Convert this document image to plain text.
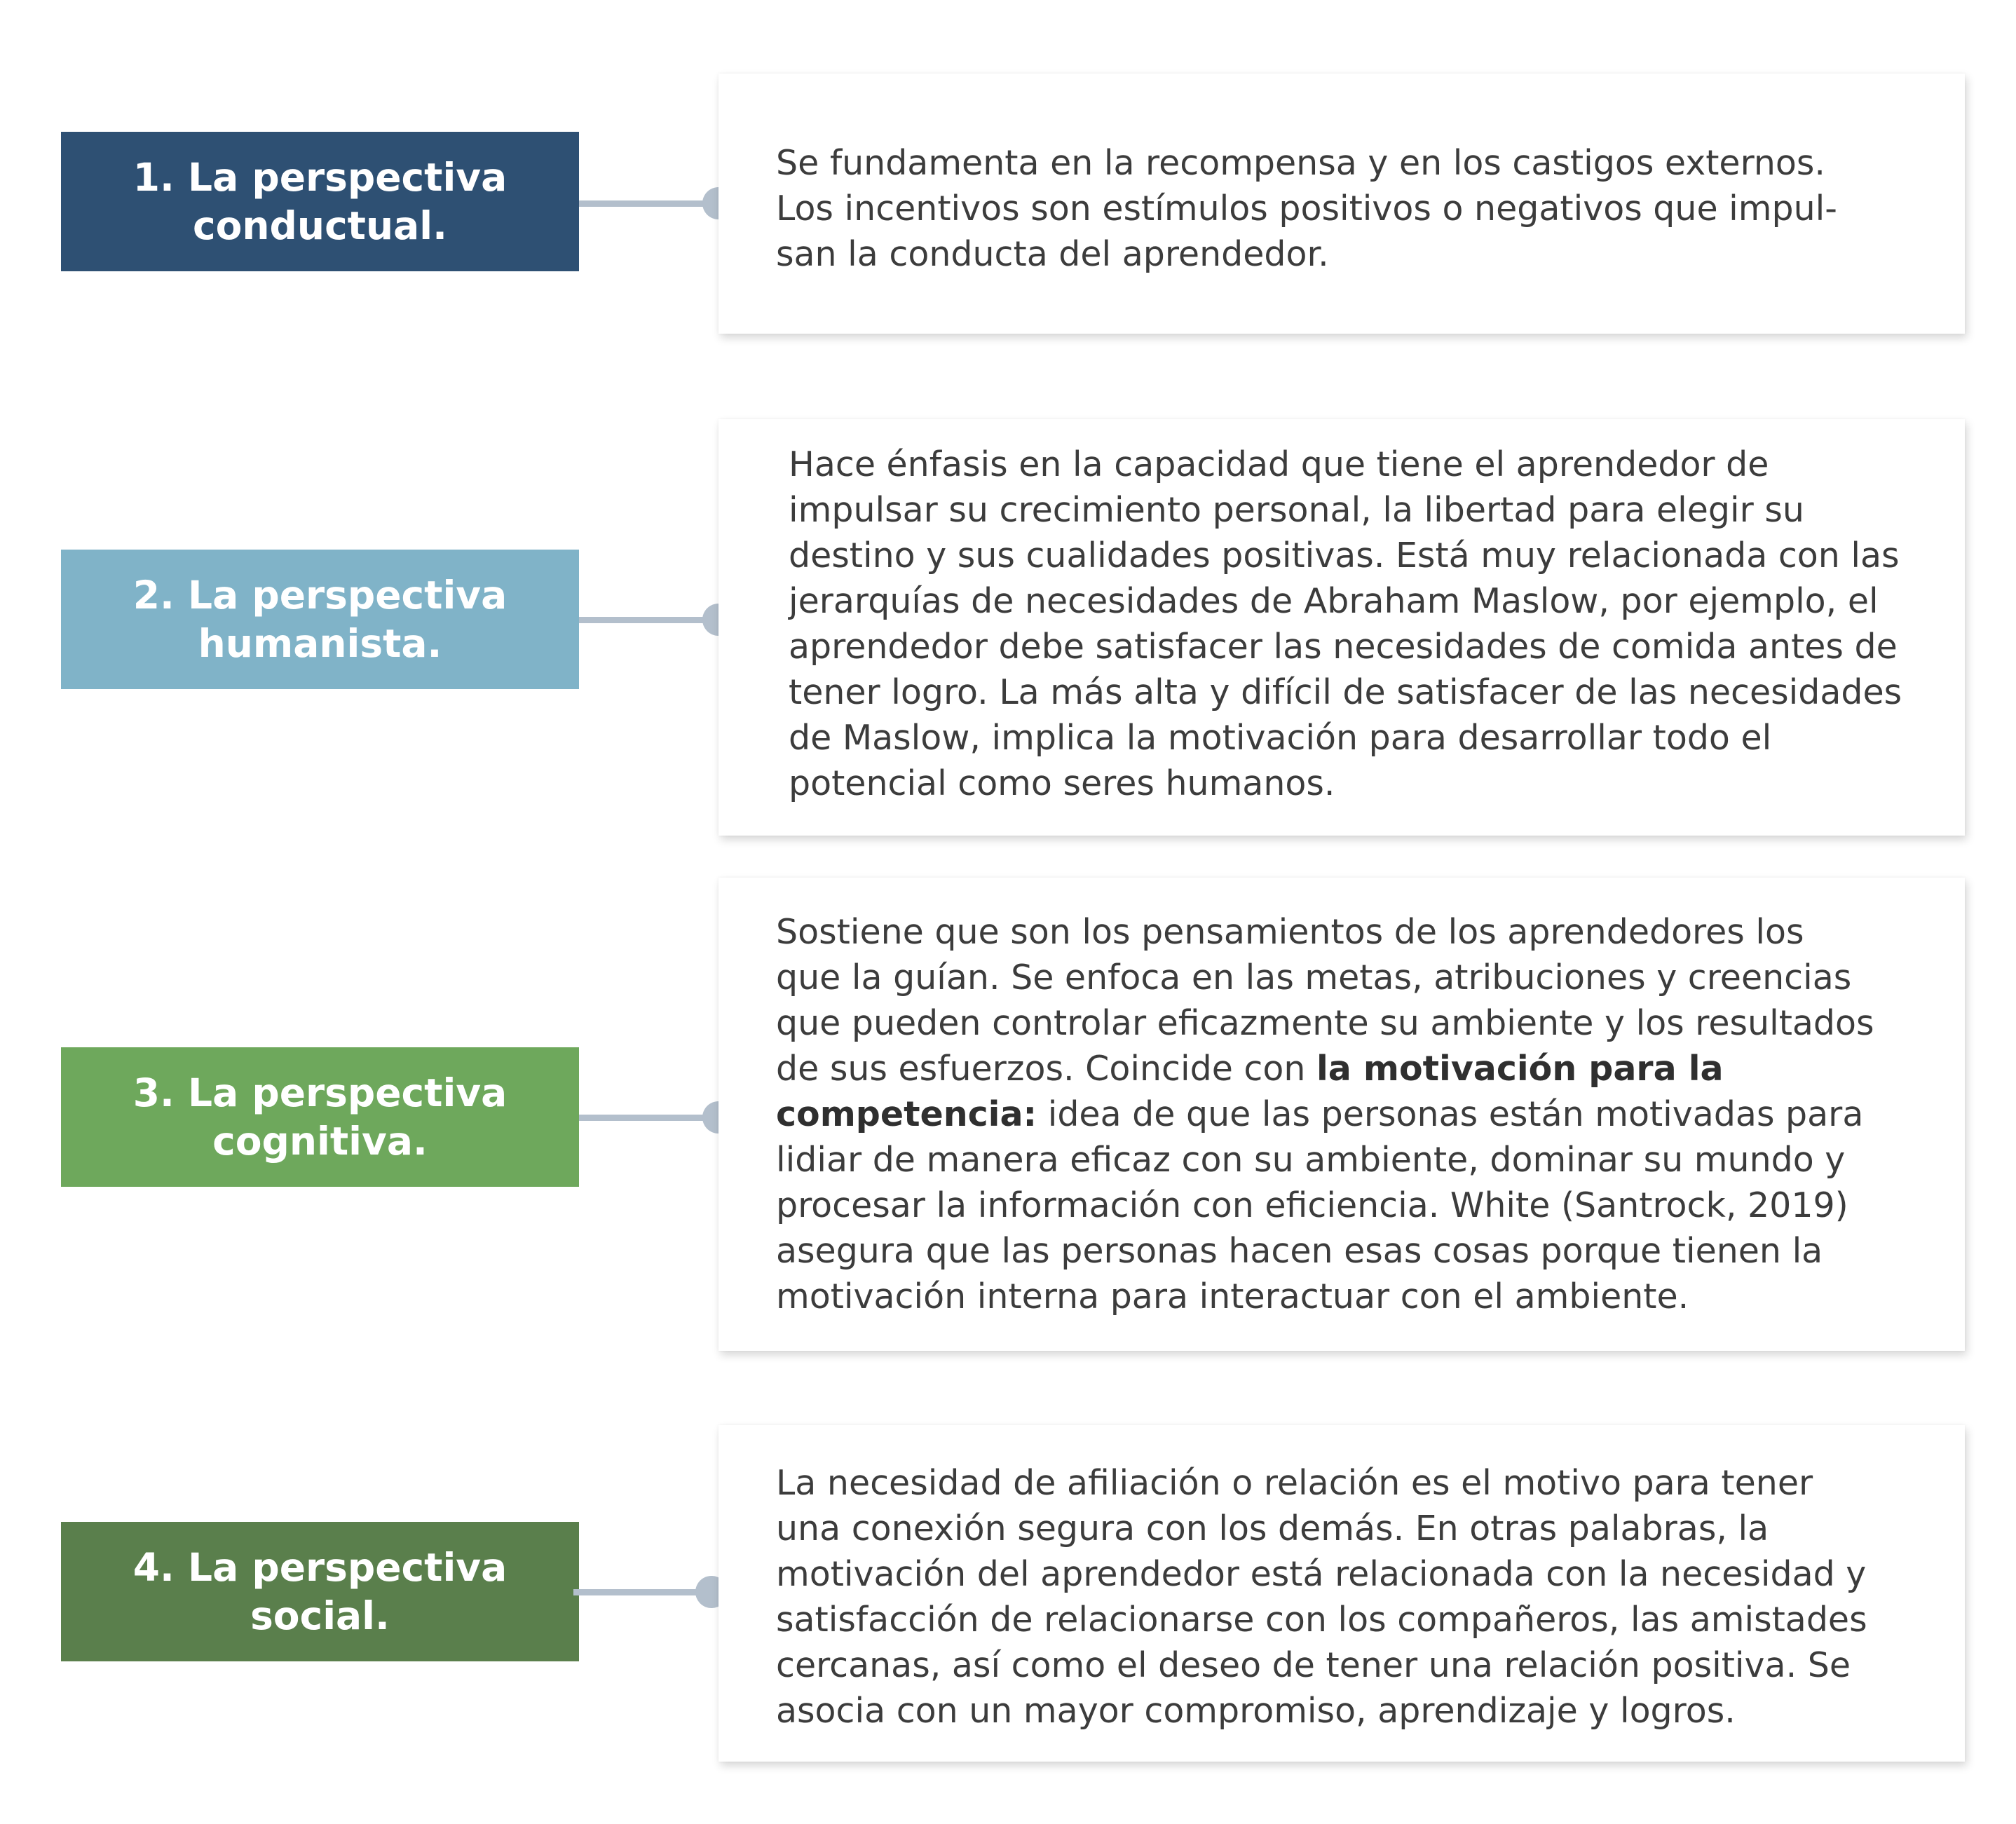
1. La perspectiva
conductual.
Se fundamenta en la recompensa y en los castigos externos.
Los incentivos son estímulos positivos o negativos que impul-
san la conducta del aprendedor.
2. La perspectiva
humanista.
Hace énfasis en la capacidad que tiene el aprendedor de
impulsar su crecimiento personal, la libertad para elegir su
destino y sus cualidades positivas. Está muy relacionada con las
jerarquías de necesidades de Abraham Maslow, por ejemplo, el
aprendedor debe satisfacer las necesidades de comida antes de
tener logro. La más alta y difícil de satisfacer de las necesidades
de Maslow, implica la motivación para desarrollar todo el
potencial como seres humanos.
3. La perspectiva
cognitiva.
Sostiene que son los pensamientos de los aprendedores los
que la guían. Se enfoca en las metas, atribuciones y creencias
que pueden controlar eficazmente su ambiente y los resultados
de sus esfuerzos. Coincide con la motivación para la
competencia: idea de que las personas están motivadas para
lidiar de manera eficaz con su ambiente, dominar su mundo y
procesar la información con eficiencia. White (Santrock, 2019)
asegura que las personas hacen esas cosas porque tienen la
motivación interna para interactuar con el ambiente.
4. La perspectiva
social.
La necesidad de afiliación o relación es el motivo para tener
una conexión segura con los demás. En otras palabras, la
motivación del aprendedor está relacionada con la necesidad y
satisfacción de relacionarse con los compañeros, las amistades
cercanas, así como el deseo de tener una relación positiva. Se
asocia con un mayor compromiso, aprendizaje y logros.
